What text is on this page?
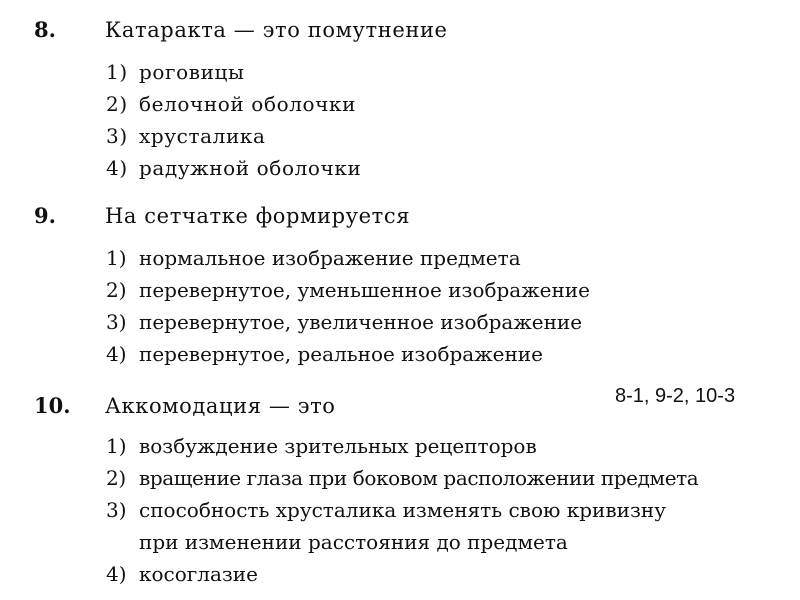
8. Катаракта — это помутнение
1) роговицы
2) белочной оболочки
3) хрусталика
4) радужной оболочки
9. На сетчатке формируется
1) нормальное изображение предмета
2) перевернутое, уменьшенное изображение
3) перевернутое, увеличенное изображение
4) перевернутое, реальное изображение
10. Аккомодация — это
1) возбуждение зрительных рецепторов
2) вращение глаза при боковом расположении предмета
3) способность хрусталика изменять свою кривизну
при изменении расстояния до предмета
4) косоглазие
8-1, 9-2, 10-3
